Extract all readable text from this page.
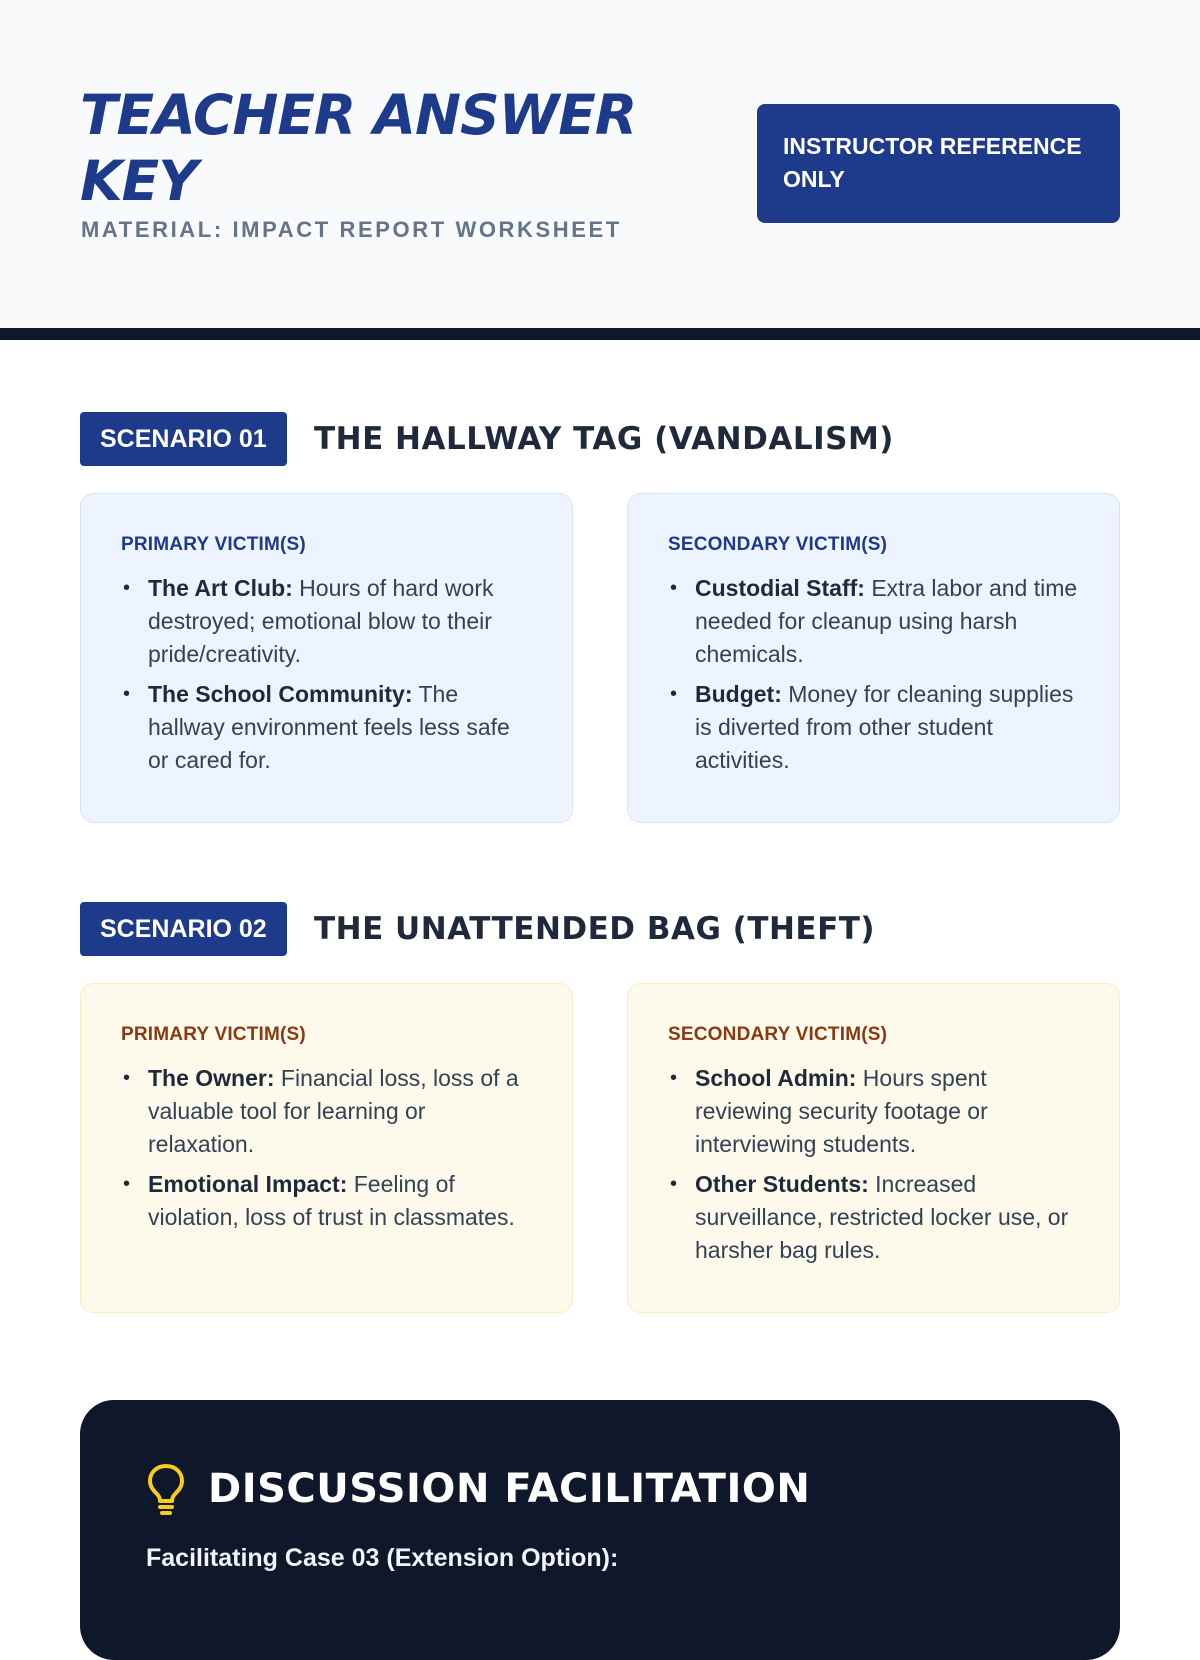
TEACHER ANSWER KEY
MATERIAL: IMPACT REPORT WORKSHEET
INSTRUCTOR REFERENCE ONLY
SCENARIO 01	THE HALLWAY TAG (VANDALISM)
PRIMARY VICTIM(S)
• The Art Club: Hours of hard work destroyed; emotional blow to their pride/creativity.
• The School Community: The hallway environment feels less safe or cared for.
SECONDARY VICTIM(S)
• Custodial Staff: Extra labor and time needed for cleanup using harsh chemicals.
• Budget: Money for cleaning supplies is diverted from other student activities.
SCENARIO 02	THE UNATTENDED BAG (THEFT)
PRIMARY VICTIM(S)
• The Owner: Financial loss, loss of a valuable tool for learning or relaxation.
• Emotional Impact: Feeling of violation, loss of trust in classmates.
SECONDARY VICTIM(S)
• School Admin: Hours spent reviewing security footage or interviewing students.
• Other Students: Increased surveillance, restricted locker use, or harsher bag rules.
DISCUSSION FACILITATION
Facilitating Case 03 (Extension Option):
